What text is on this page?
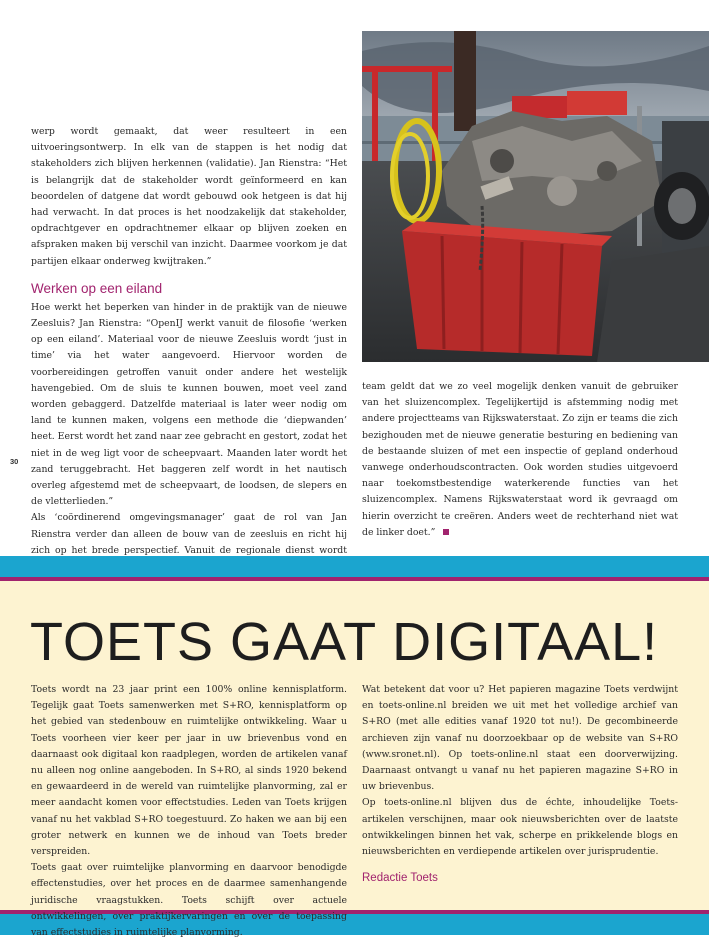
werp wordt gemaakt, dat weer resulteert in een uitvoeringsontwerp. In elk van de stappen is het nodig dat stakeholders zich blijven herkennen (validatie). Jan Rienstra: “Het is belangrijk dat de stakeholder wordt geïnformeerd en kan beoordelen of datgene dat wordt gebouwd ook hetgeen is dat hij had verwacht. In dat proces is het noodzakelijk dat stakeholder, opdrachtgever en opdrachtnemer elkaar op blijven zoeken en afspraken maken bij verschil van inzicht. Daarmee voorkom je dat partijen elkaar onderweg kwijtraken.”

Werken op een eiland

Hoe werkt het beperken van hinder in de praktijk van de nieuwe Zeesluis? Jan Rienstra: “OpenIJ werkt vanuit de filosofie ‘werken op een eiland’. Materiaal voor de nieuwe Zeesluis wordt ‘just in time’ via het water aangevoerd. Hiervoor worden de voorbereidingen getroffen vanuit onder andere het westelijk havengebied. Om de sluis te kunnen bouwen, moet veel zand worden gebaggerd. Datzelfde materiaal is later weer nodig om land te kunnen maken, volgens een methode die ‘diepwanden’ heet. Eerst wordt het zand naar zee gebracht en gestort, zodat het niet in de weg ligt voor de scheepvaart. Maanden later wordt het zand teruggebracht. Het baggeren zelf wordt in het nautisch overleg afgestemd met de scheepvaart, de loodsen, de slepers en de vletterlieden.”

Als ‘coördinerend omgevingsmanager’ gaat de rol van Jan Rienstra verder dan alleen de bouw van de zeesluis en richt hij zich op het brede perspectief. Vanuit de regionale dienst wordt

30

team geldt dat we zo veel mogelijk denken vanuit de gebruiker van het sluizencomplex. Tegelijkertijd is afstemming nodig met andere projectteams van Rijkswaterstaat. Zo zijn er teams die zich bezighouden met de nieuwe generatie besturing en bediening van de bestaande sluizen of met een inspectie of gepland onderhoud vanwege onderhoudscontracten. Ook worden studies uitgevoerd naar toekomstbestendige waterkerende functies van het sluizencomplex. Namens Rijkswaterstaat word ik gevraagd om hierin overzicht te creëren. Anders weet de rechterhand niet wat de linker doet.”

TOETS GAAT DIGITAAL!

Toets wordt na 23 jaar print een 100% online kennisplatform. Tegelijk gaat Toets samenwerken met S+RO, kennisplatform op het gebied van stedenbouw en ruimtelijke ontwikkeling. Waar u Toets voorheen vier keer per jaar in uw brievenbus vond en daarnaast ook digitaal kon raadplegen, worden de artikelen vanaf nu alleen nog online aangeboden. In S+RO, al sinds 1920 bekend en gewaardeerd in de wereld van ruimtelijke planvorming, zal er meer aandacht komen voor effectstudies. Leden van Toets krijgen vanaf nu het vakblad S+RO toegestuurd. Zo haken we aan bij een groter netwerk en kunnen we de inhoud van Toets breder verspreiden.

Toets gaat over ruimtelijke planvorming en daarvoor benodigde effectenstudies, over het proces en de daarmee samenhangende juridische vraagstukken. Toets schijft over actuele ontwikkelingen, over praktijkervaringen en over de toepassing van effectstudies in ruimtelijke planvorming.

Wat betekent dat voor u? Het papieren magazine Toets verdwijnt en toets-online.nl breiden we uit met het volledige archief van S+RO (met alle edities vanaf 1920 tot nu!). De gecombineerde archieven zijn vanaf nu doorzoekbaar op de website van S+RO (www.sronet.nl). Op toets-online.nl staat een doorverwijzing. Daarnaast ontvangt u vanaf nu het papieren magazine S+RO in uw brievenbus.

Op toets-online.nl blijven dus de échte, inhoudelijke Toets-artikelen verschijnen, maar ook nieuwsberichten over de laatste ontwikkelingen binnen het vak, scherpe en prikkelende blogs en nieuwsberichten en verdiepende artikelen over jurisprudentie.

Redactie Toets
